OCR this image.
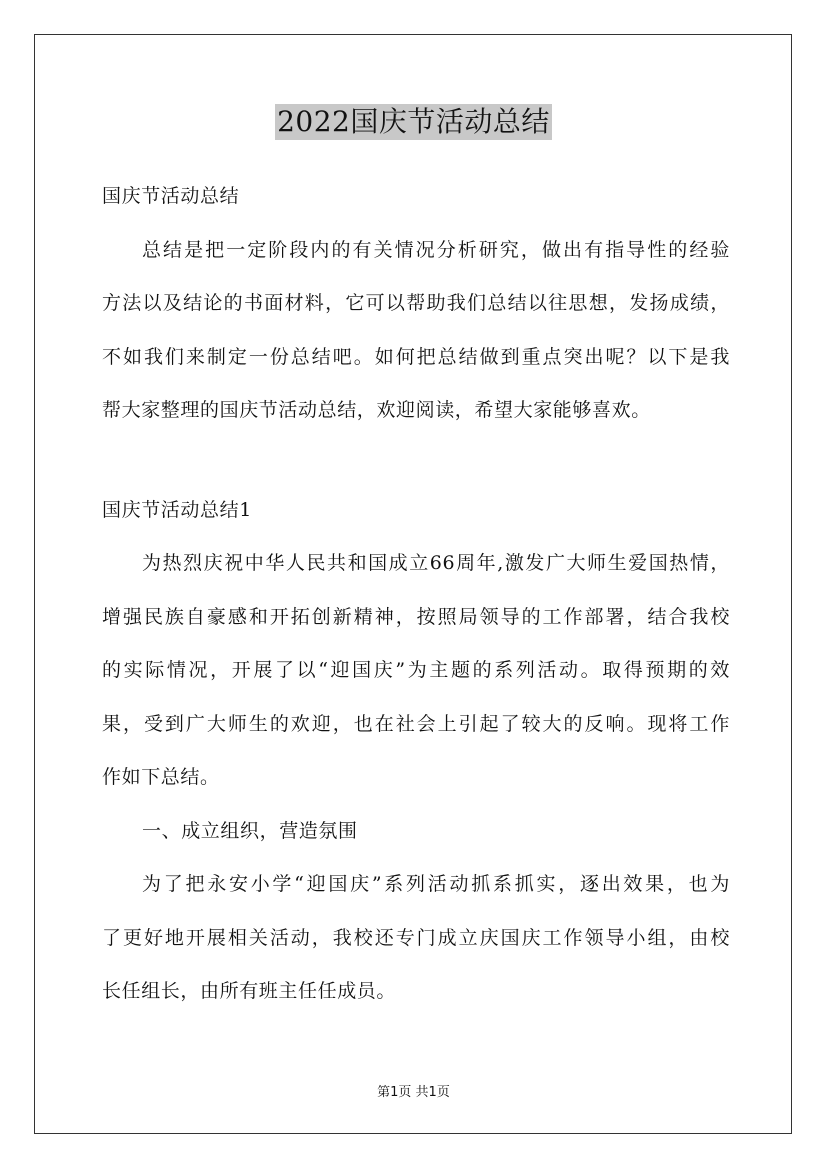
2022国庆节活动总结
国庆节活动总结
总结是把一定阶段内的有关情况分析研究，做出有指导性的经验
方法以及结论的书面材料，它可以帮助我们总结以往思想，发扬成绩，
不如我们来制定一份总结吧。如何把总结做到重点突出呢？以下是我
帮大家整理的国庆节活动总结，欢迎阅读，希望大家能够喜欢。
国庆节活动总结1
为热烈庆祝中华人民共和国成立66周年,激发广大师生爱国热情，
增强民族自豪感和开拓创新精神，按照局领导的工作部署，结合我校
的实际情况，开展了以“迎国庆”为主题的系列活动。取得预期的效
果，受到广大师生的欢迎，也在社会上引起了较大的反响。现将工作
作如下总结。
一、成立组织，营造氛围
为了把永安小学“迎国庆”系列活动抓系抓实，逐出效果，也为
了更好地开展相关活动，我校还专门成立庆国庆工作领导小组，由校
长任组长，由所有班主任任成员。
第1页 共1页
